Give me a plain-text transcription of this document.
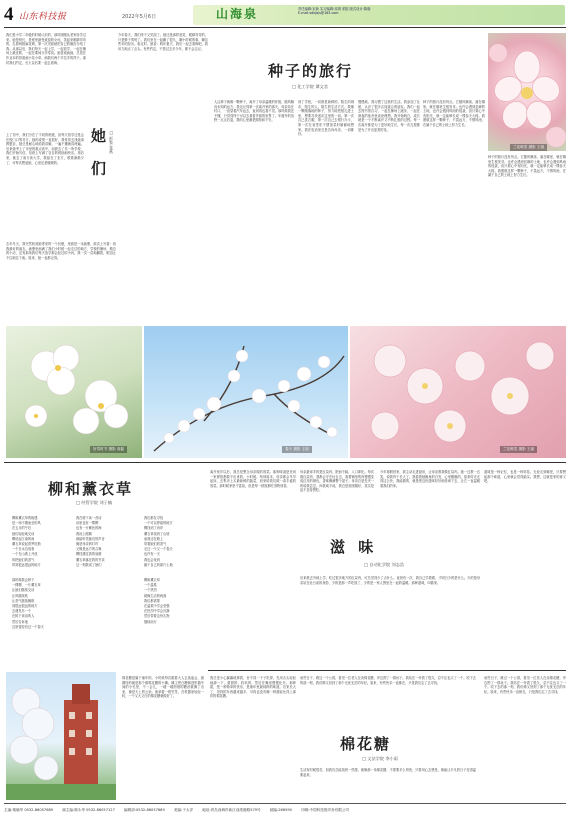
4 山东科技报	2022年5月6日	山海泉	责任编辑:宋新 实习编辑:邓琪 邓振 版式设计:陈晓
E-mail:sdkjbjs@163.com
我们是小学二年级的时候认识的，那时刚刚从老家转学过来。她是班长，是班里最受欢迎的女孩，笑起来眼睛弯弯的，扎着两根麻花辫，第一次见面就把自己的橡皮分给了我。从那以后，我们每天一起上学，一起放学，一起在操场上跳皮筋，一起在课间分享零食。她喜欢画画，总是在作业本的背面画小花小草，画我们两个手拉手的样子。那时我们约定，长大以后要一起去看海。
她 们 □ 彭家 张燕
上了初中，我们分在了不同的班级，但每天放学还是会在校门口等对方。她的成绩一直很好，我常常去找她请教题目，她总是耐心地给我讲解，一遍不懂就讲两遍。后来她考上了市里的重点高中，而我去了另一所学校，我们开始写信，信纸上写满了各自的烦恼和快乐。再后来，她去了南方读大学，我留在了北方，联系渐渐少了，可每次想起她，心里还是暖暖的。
去年冬天，我突然收到她寄来的一个包裹，里面是一本画册，扉页上写着：给我最好的朋友。画册里画满了我们小时候一起走过的地方，学校的操场，路边的小店，还有那条我们每天放学都会经过的小河。我一页一页地翻着，眼泪止不住地往下流。原来，她一直都记得。
今年春天，我们终于又见面了。她还是那样爱笑，眼睛弯弯的，只是辫子剪短了。我们坐在一起聊了很久，聊小时候的事，聊这些年的经历。临走时，她说：明年夏天，我们一起去看海吧。我用力地点了点头。有些约定，不管过去多少年，都不会忘记。
种子的旅行
□ 化工学院 谭文君
人这辈子就像一颗种子，离开了母亲温暖的怀抱，随风飘向未知的远方。我还记得第一次离开家的那天，母亲站在村口，一直望着汽车远去，直到再也看不见。那时候我还不懂，只觉得终于可以去看看外面的世界了。车窗外的田野一点点后退，我的心里满是期待和不安。
到了学校，一切都是新鲜的。陌生的城市，陌生的人，陌生的生活方式。我像一颗刚落地的种子，努力地把根扎进土里，想要尽快适应这里的一切。第一次自己洗衣服，第一次自己去银行办卡，第一次在食堂吃不惯饭菜时偷偷地想家。我在电话里总是告诉母亲，一切都好。
慢慢地，我习惯了这里的生活。我参加了社团，认识了很多志同道合的朋友。我们一起去图书馆自习，一起在操场上跑步，一起在深夜的宿舍里谈论理想。我开始明白，成长就是一个不断离开又不断扎根的过程。每一次离开都是为了更好地生长，每一次扎根都是为了开出更美的花。
种子的旅行没有终点。它随风飘荡，落在哪里，就在哪里生根发芽。也许会遇到贫瘠的土地，也许会遇到风雨的侵袭，但只要心中有阳光，就一定能够长成一棵参天大树。我愿做这样一颗种子，不畏远方，不惧风雨，在属于自己的土地上努力生长。
兰花映雪 摄影 王丽
种子的旅行没有终点。它随风飘荡，落在哪里，就在哪里生根发芽。也许会遇到贫瘠的土地，也许会遇到风雨的侵袭，但只要心中有阳光，就一定能够长成一棵参天大树。我愿做这样一颗种子，不畏远方，不惧风雨，在属于自己的土地上努力生长。
好雪时节 摄影 高磊	春天 摄影 王丽	兰花映雪 摄影 王丽
柳和薰衣草
□ 经管学院 刘子楠
柳和薰衣草的相遇
是一场不期而至的风
在五月的午后
她们轻轻地交谈
柳说起江南的雨
薰衣草说起普罗旺斯
一个在水边低垂
一个在山坡上开放
风把她们的香气
带到很远很远的地方
我在树下读一首诗
诗里也有一棵柳
也有一片紫色的海
我闭上眼睛
就能听见她们的声音
像是母亲的叮咛
又像是远方的召唤
柳枝拂过我的肩膀
薰衣草落在我的书页
这一刻我成了她们
我们都在寻找
一个可以停留的地方
柳找到了河岸
薰衣草找到了山坡
而我还在路上
带着她们的香气
走过一个又一个春天
也许有一天
我也会找到
属于自己的那片土地
那时候我会种下
一棵柳，一片薰衣草
让她们继续交谈
让风继续吹
让香气继续飘散
到很远很远的地方
去遇见另一个
在树下读诗的人
然后告诉他
这里曾经有过一个春天
柳和薰衣草
一个温柔
一个热烈
就像生活的两面
我们都需要
在温柔中学会坚强
在热烈中学会沉静
然后带着这份礼物
继续前行
离开家乡以后，我总是想念母亲做的饭菜。那种味道是任何一家餐馆都做不出来的。小时候，每到周末，母亲都会早早起床，去集市上买最新鲜的蔬菜，回来给我们做一桌丰盛的饭菜。那时候家里不富裕，但是每一顿饭都吃得特别香。
母亲最拿手的是红烧肉，肥而不腻，入口即化。每次做红烧肉，我都会守在灶台边，看着锅里的肉慢慢变成红亮的颜色，香味飘满整个屋子。母亲总是先夹一块给我尝尝，问我咸不咸，我总是说刚刚好，其实是迫不及待想吃。
滋 味
□ 自动化学院 刘志浩
后来我去外地上学，吃过很多地方的红烧肉，可总觉得少了点什么。直到有一次，我自己学着做，才明白少的是什么。少的是母亲站在灶台前的身影，少的是那一声吃饭了，少的是一家人围坐在一起的温暖。那种滋味，叫做家。
今年寒假回家，我主动走进厨房，让母亲教我做红烧肉。她一边教一边笑，说我终于长大了。我看着她鬓角的白发，心里酸酸的。原来时光走得这么快，我能做的，就是把这份滋味好好地传承下去，让它一直温暖着我们的家。
滋味是一种记忆，也是一种牵挂。无论走到哪里，只要想起那个味道，心里就会觉得踏实。我想，这就是家的意义吧。
棉花糖是属于童年的。小时候每次跟着大人去逛庙会，最期待的就是那个做棉花糖的小摊。摊主把白糖倒进机器中间的小孔里，不一会儿，一缕一缕细细的糖丝就飘了出来，像是天上的云朵。他拿着一根竹签，在机器里轻轻一转，一个又大又白的棉花糖就做好了。
我总是小心翼翼地捧着，舍不得一下子吃掉，先用舌头轻轻地舔一下，甜甜的，软软的，然后在嘴里慢慢化开。那种甜，是一种简单的快乐，是童年里最纯粹的味道。后来长大了，见到的东西越来越多，可再也没有哪一种甜能比得上那时的棉花糖。
前些日子，路过一个公园，看见一位老人在卖棉花糖，旁边围了一群孩子。我站在一旁看了很久，忍不住也买了一个。咬下去的那一刻，我仿佛又回到了那个无忧无虑的年纪。原来，有些快乐一直都在，只是我们忘了去寻找。
棉花糖
□ 文法学院 李小雨
生活有时候很苦，但我们总能找到一些甜。就像那一朵棉花糖，不需要多么昂贵，只要用心去感受，就能让平凡的日子变得温柔起来。
前些日子，路过一个公园，看见一位老人在卖棉花糖，旁边围了一群孩子。我站在一旁看了很久，忍不住也买了一个。咬下去的那一刻，我仿佛又回到了那个无忧无虑的年纪。原来，有些快乐一直都在，只是我们忘了去寻找。
主编:秦晓华 0532-86057689	副主编:陈永华 0532-86057127	编辑部:0532-86057689	美编:于太洋	地址:青岛西海岸新区前湾港路579号	邮编:266590	印刷:中国科技报印务有限公司
